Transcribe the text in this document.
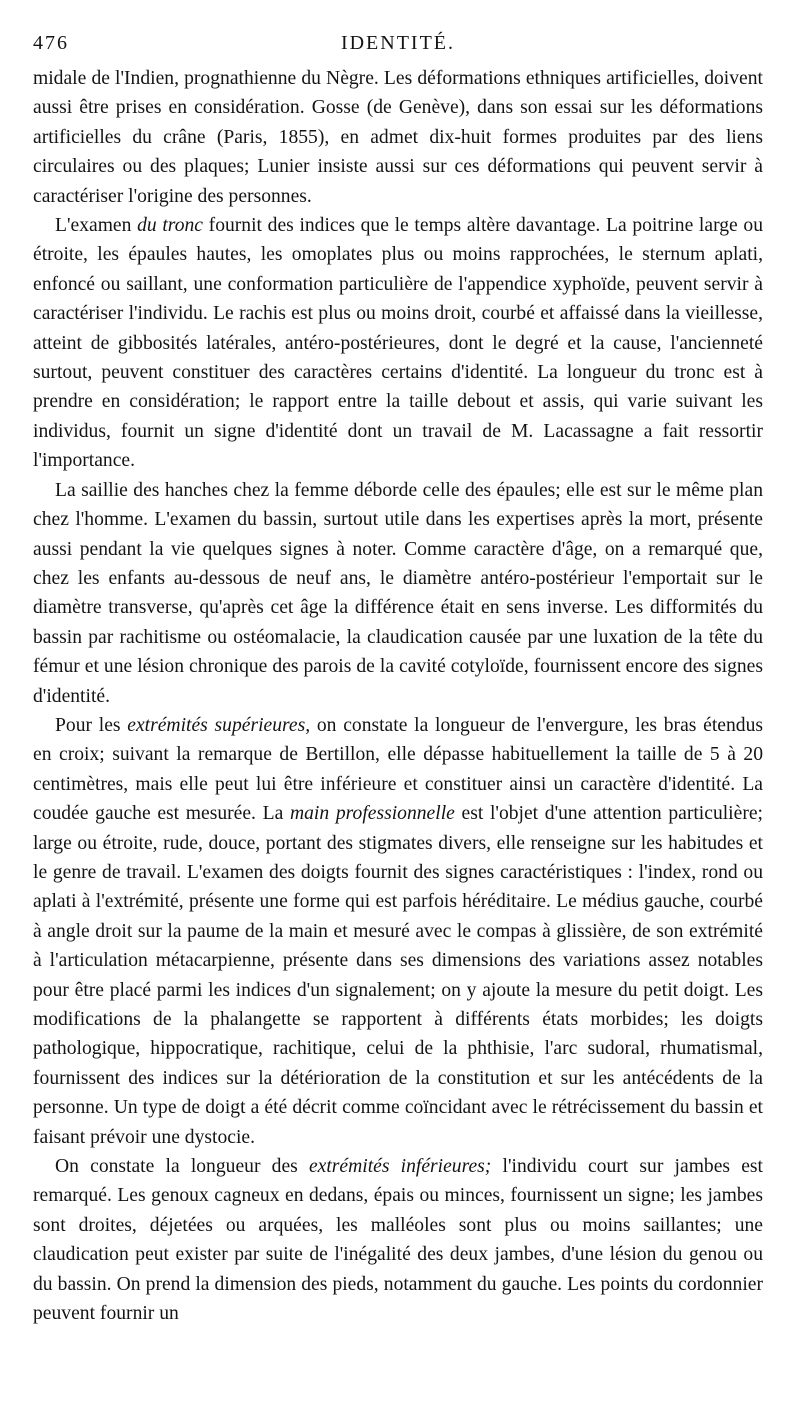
476	IDENTITÉ.

midale de l'Indien, prognathienne du Nègre. Les déformations ethniques artificielles, doivent aussi être prises en considération. Gosse (de Genève), dans son essai sur les déformations artificielles du crâne (Paris, 1855), en admet dix-huit formes produites par des liens circulaires ou des plaques; Lunier insiste aussi sur ces déformations qui peuvent servir à caractériser l'origine des personnes.

L'examen du tronc fournit des indices que le temps altère davantage. La poitrine large ou étroite, les épaules hautes, les omoplates plus ou moins rapprochées, le sternum aplati, enfoncé ou saillant, une conformation particulière de l'appendice xyphoïde, peuvent servir à caractériser l'individu. Le rachis est plus ou moins droit, courbé et affaissé dans la vieillesse, atteint de gibbosités latérales, antéro-postérieures, dont le degré et la cause, l'ancienneté surtout, peuvent constituer des caractères certains d'identité. La longueur du tronc est à prendre en considération; le rapport entre la taille debout et assis, qui varie suivant les individus, fournit un signe d'identité dont un travail de M. Lacassagne a fait ressortir l'importance.

La saillie des hanches chez la femme déborde celle des épaules; elle est sur le même plan chez l'homme. L'examen du bassin, surtout utile dans les expertises après la mort, présente aussi pendant la vie quelques signes à noter. Comme caractère d'âge, on a remarqué que, chez les enfants au-dessous de neuf ans, le diamètre antéro-postérieur l'emportait sur le diamètre transverse, qu'après cet âge la différence était en sens inverse. Les difformités du bassin par rachitisme ou ostéomalacie, la claudication causée par une luxation de la tête du fémur et une lésion chronique des parois de la cavité cotyloïde, fournissent encore des signes d'identité.

Pour les extrémités supérieures, on constate la longueur de l'envergure, les bras étendus en croix; suivant la remarque de Bertillon, elle dépasse habituellement la taille de 5 à 20 centimètres, mais elle peut lui être inférieure et constituer ainsi un caractère d'identité. La coudée gauche est mesurée. La main professionnelle est l'objet d'une attention particulière; large ou étroite, rude, douce, portant des stigmates divers, elle renseigne sur les habitudes et le genre de travail. L'examen des doigts fournit des signes caractéristiques : l'index, rond ou aplati à l'extrémité, présente une forme qui est parfois héréditaire. Le médius gauche, courbé à angle droit sur la paume de la main et mesuré avec le compas à glissière, de son extrémité à l'articulation métacarpienne, présente dans ses dimensions des variations assez notables pour être placé parmi les indices d'un signalement; on y ajoute la mesure du petit doigt. Les modifications de la phalangette se rapportent à différents états morbides; les doigts pathologique, hippocratique, rachitique, celui de la phthisie, l'arc sudoral, rhumatismal, fournissent des indices sur la détérioration de la constitution et sur les antécédents de la personne. Un type de doigt a été décrit comme coïncidant avec le rétrécissement du bassin et faisant prévoir une dystocie.

On constate la longueur des extrémités inférieures; l'individu court sur jambes est remarqué. Les genoux cagneux en dedans, épais ou minces, fournissent un signe; les jambes sont droites, déjetées ou arquées, les malléoles sont plus ou moins saillantes; une claudication peut exister par suite de l'inégalité des deux jambes, d'une lésion du genou ou du bassin. On prend la dimension des pieds, notamment du gauche. Les points du cordonnier peuvent fournir un
